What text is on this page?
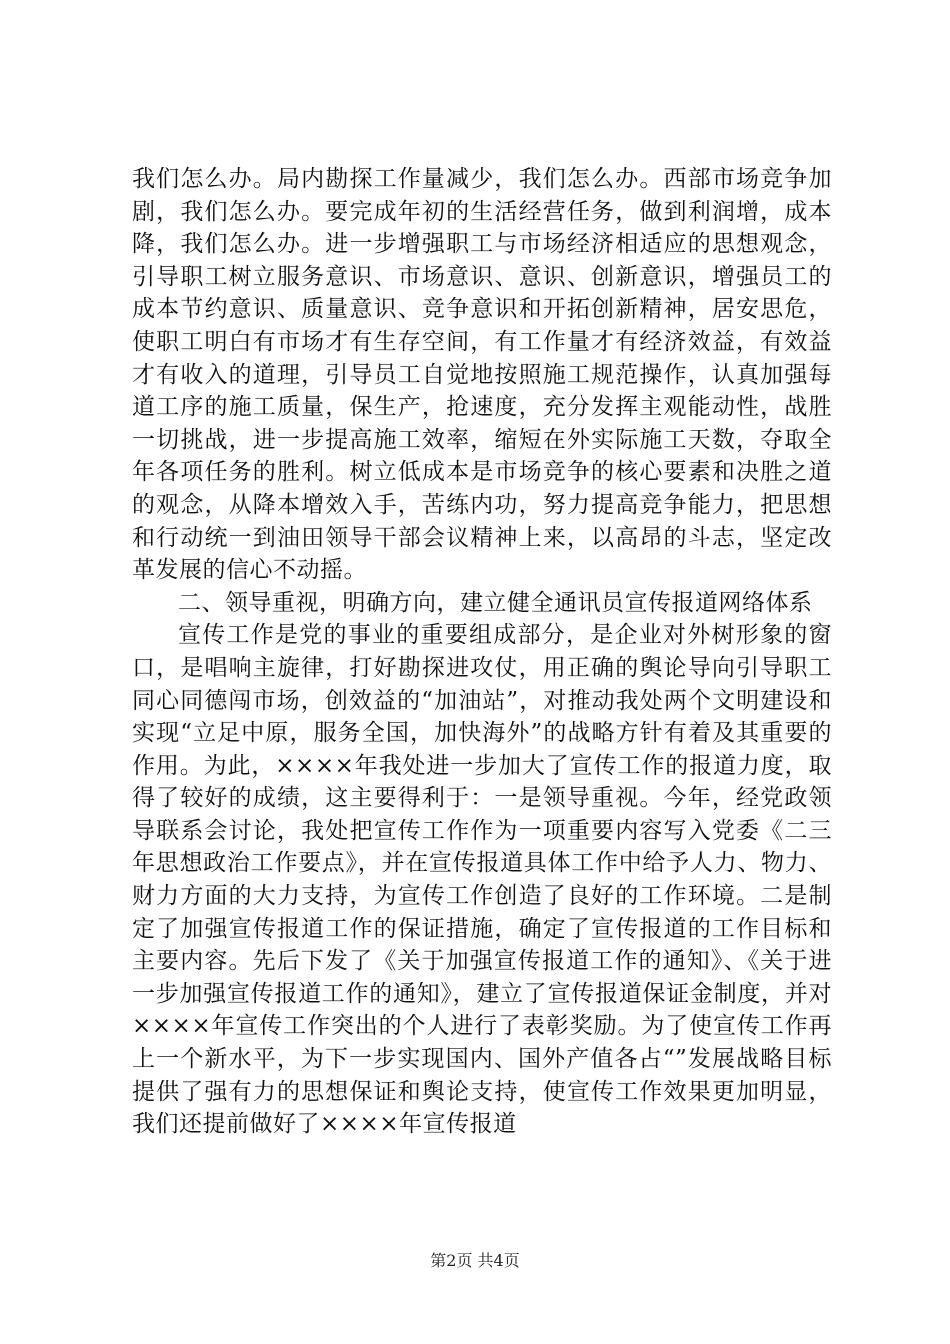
我们怎么办。局内勘探工作量减少，我们怎么办。西部市场竞争加剧，我们怎么办。要完成年初的生活经营任务，做到利润增，成本降，我们怎么办。进一步增强职工与市场经济相适应的思想观念，引导职工树立服务意识、市场意识、意识、创新意识，增强员工的成本节约意识、质量意识、竞争意识和开拓创新精神，居安思危，使职工明白有市场才有生存空间，有工作量才有经济效益，有效益才有收入的道理，引导员工自觉地按照施工规范操作，认真加强每道工序的施工质量，保生产，抢速度，充分发挥主观能动性，战胜一切挑战，进一步提高施工效率，缩短在外实际施工天数，夺取全年各项任务的胜利。树立低成本是市场竞争的核心要素和决胜之道的观念，从降本增效入手，苦练内功，努力提高竞争能力，把思想和行动统一到油田领导干部会议精神上来，以高昂的斗志，坚定改革发展的信心不动摇。

二、领导重视，明确方向，建立健全通讯员宣传报道网络体系

宣传工作是党的事业的重要组成部分，是企业对外树形象的窗口，是唱响主旋律，打好勘探进攻仗，用正确的舆论导向引导职工同心同德闯市场，创效益的“加油站”，对推动我处两个文明建设和实现“立足中原，服务全国，加快海外”的战略方针有着及其重要的作用。为此，××××年我处进一步加大了宣传工作的报道力度，取得了较好的成绩，这主要得利于：一是领导重视。今年，经党政领导联系会讨论，我处把宣传工作作为一项重要内容写入党委《二三年思想政治工作要点》，并在宣传报道具体工作中给予人力、物力、财力方面的大力支持，为宣传工作创造了良好的工作环境。二是制定了加强宣传报道工作的保证措施，确定了宣传报道的工作目标和主要内容。先后下发了《关于加强宣传报道工作的通知》、《关于进一步加强宣传报道工作的通知》，建立了宣传报道保证金制度，并对××××年宣传工作突出的个人进行了表彰奖励。为了使宣传工作再上一个新水平，为下一步实现国内、国外产值各占“”发展战略目标提供了强有力的思想保证和舆论支持，使宣传工作效果更加明显，我们还提前做好了××××年宣传报道

第2页 共4页
